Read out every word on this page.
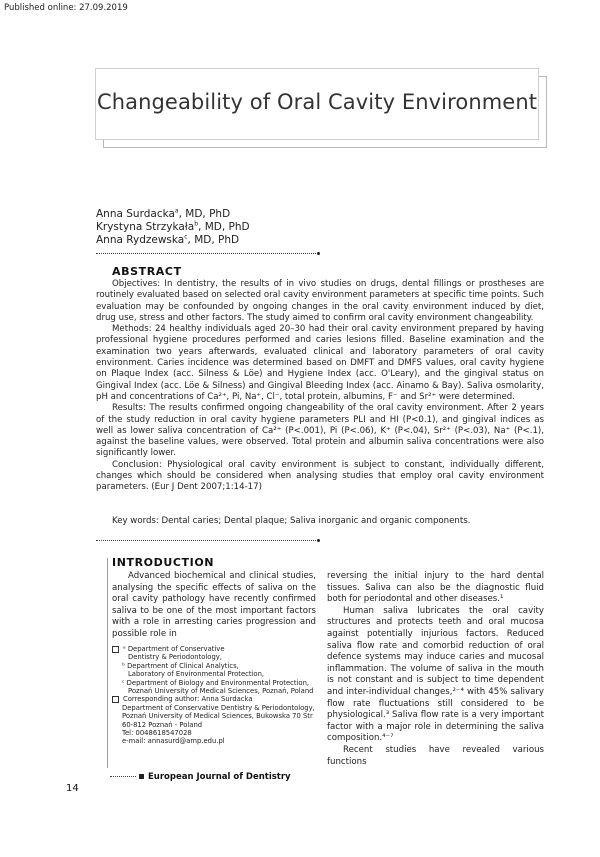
Published online: 27.09.2019
Changeability of Oral Cavity Environment
Anna Surdacka$^a$, MD, PhD
Krystyna Strzykała$^b$, MD, PhD
Anna Rydzewska$^c$, MD, PhD
ABSTRACT

Objectives: In dentistry, the results of in vivo studies on drugs, dental fillings or prostheses are routinely evaluated based on selected oral cavity environment parameters at specific time points. Such evaluation may be confounded by ongoing changes in the oral cavity environment induced by diet, drug use, stress and other factors. The study aimed to confirm oral cavity environment changeability.

Methods: 24 healthy individuals aged 20–30 had their oral cavity environment prepared by having professional hygiene procedures performed and caries lesions filled. Baseline examination and the examination two years afterwards, evaluated clinical and laboratory parameters of oral cavity environment. Caries incidence was determined based on DMFT and DMFS values, oral cavity hygiene on Plaque Index (acc. Silness & Löe) and Hygiene Index (acc. O'Leary), and the gingival status on Gingival Index (acc. Löe & Silness) and Gingival Bleeding Index (acc. Ainamo & Bay). Saliva osmolarity, pH and concentrations of Ca²⁺, Pi, Na⁺, Cl⁻, total protein, albumins, F⁻ and Sr²⁺ were determined.

Results: The results confirmed ongoing changeability of the oral cavity environment. After 2 years of the study reduction in oral cavity hygiene parameters PLI and HI (P<0.1), and gingival indices as well as lower saliva concentration of Ca²⁺ (P<.001), Pi (P<.06), K⁺ (P<.04), Sr²⁺ (P<.03), Na⁺ (P<.1), against the baseline values, were observed. Total protein and albumin saliva concentrations were also significantly lower.

Conclusion: Physiological oral cavity environment is subject to constant, individually different, changes which should be considered when analysing studies that employ oral cavity environment parameters. (Eur J Dent 2007;1:14-17)

Key words: Dental caries; Dental plaque; Saliva inorganic and organic components.
INTRODUCTION

Advanced biochemical and clinical studies, analysing the specific effects of saliva on the oral cavity pathology have recently confirmed saliva to be one of the most important factors with a role in arresting caries progression and possible role in

reversing the initial injury to the hard dental tissues. Saliva can also be the diagnostic fluid both for periodontal and other diseases.¹

Human saliva lubricates the oral cavity structures and protects teeth and oral mucosa against potentially injurious factors. Reduced saliva flow rate and comorbid reduction of oral defence systems may induce caries and mucosal inflammation. The volume of saliva in the mouth is not constant and is subject to time dependent and inter-individual changes,²⁻⁴ with 45% salivary flow rate fluctuations still considered to be physiological.³ Saliva flow rate is a very important factor with a major role in determining the saliva composition.⁴⁻⁷

Recent studies have revealed various functions

ᵃ Department of Conservative
Dentistry & Periodontology,
ᵇ Department of Clinical Analytics,
Laboratory of Environmental Protection,
ᶜ Department of Biology and Environmental Protection,
Poznań University of Medical Sciences, Poznań, Poland
Corresponding author: Anna Surdacka
Department of Conservative Dentistry & Periodontology,
Poznań University of Medical Sciences, Bukowska 70 Str
60-812 Poznań - Poland
Tel: 0048618547028
e-mail: annasurd@amp.edu.pl
European Journal of Dentistry
14
